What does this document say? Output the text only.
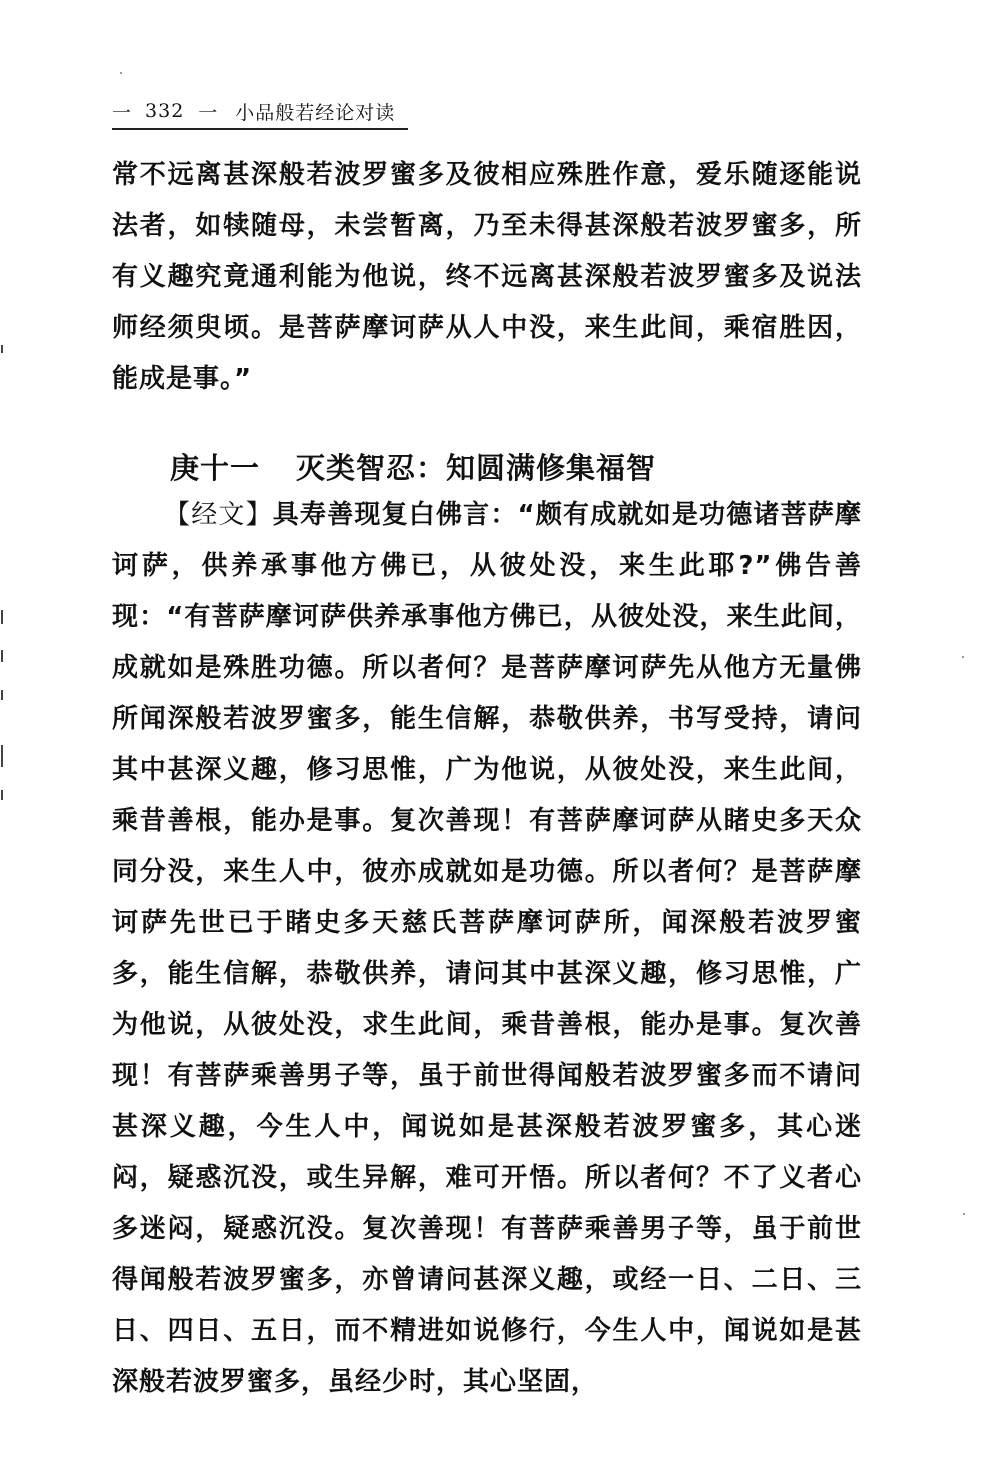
一 332 一 小品般若经论对读

常不远离甚深般若波罗蜜多及彼相应殊胜作意，爱乐随逐能说法者，如犊随母，未尝暂离，乃至未得甚深般若波罗蜜多，所有义趣究竟通利能为他说，终不远离甚深般若波罗蜜多及说法师经须臾顷。是菩萨摩诃萨从人中没，来生此间，乘宿胜因，能成是事。”

庚十一 灭类智忍：知圆满修集福智

【经文】具寿善现复白佛言：“颇有成就如是功德诸菩萨摩诃萨，供养承事他方佛已，从彼处没，来生此耶?”佛告善现：“有菩萨摩诃萨供养承事他方佛已，从彼处没，来生此间，成就如是殊胜功德。所以者何？是菩萨摩诃萨先从他方无量佛所闻深般若波罗蜜多，能生信解，恭敬供养，书写受持，请问其中甚深义趣，修习思惟，广为他说，从彼处没，来生此间，乘昔善根，能办是事。复次善现！有菩萨摩诃萨从睹史多天众同分没，来生人中，彼亦成就如是功德。所以者何？是菩萨摩诃萨先世已于睹史多天慈氏菩萨摩诃萨所，闻深般若波罗蜜多，能生信解，恭敬供养，请问其中甚深义趣，修习思惟，广为他说，从彼处没，求生此间，乘昔善根，能办是事。复次善现！有菩萨乘善男子等，虽于前世得闻般若波罗蜜多而不请问甚深义趣，今生人中，闻说如是甚深般若波罗蜜多，其心迷闷，疑惑沉没，或生异解，难可开悟。所以者何？不了义者心多迷闷，疑惑沉没。复次善现！有菩萨乘善男子等，虽于前世得闻般若波罗蜜多，亦曾请问甚深义趣，或经一日、二日、三日、四日、五日，而不精进如说修行，今生人中，闻说如是甚深般若波罗蜜多，虽经少时，其心坚固，
